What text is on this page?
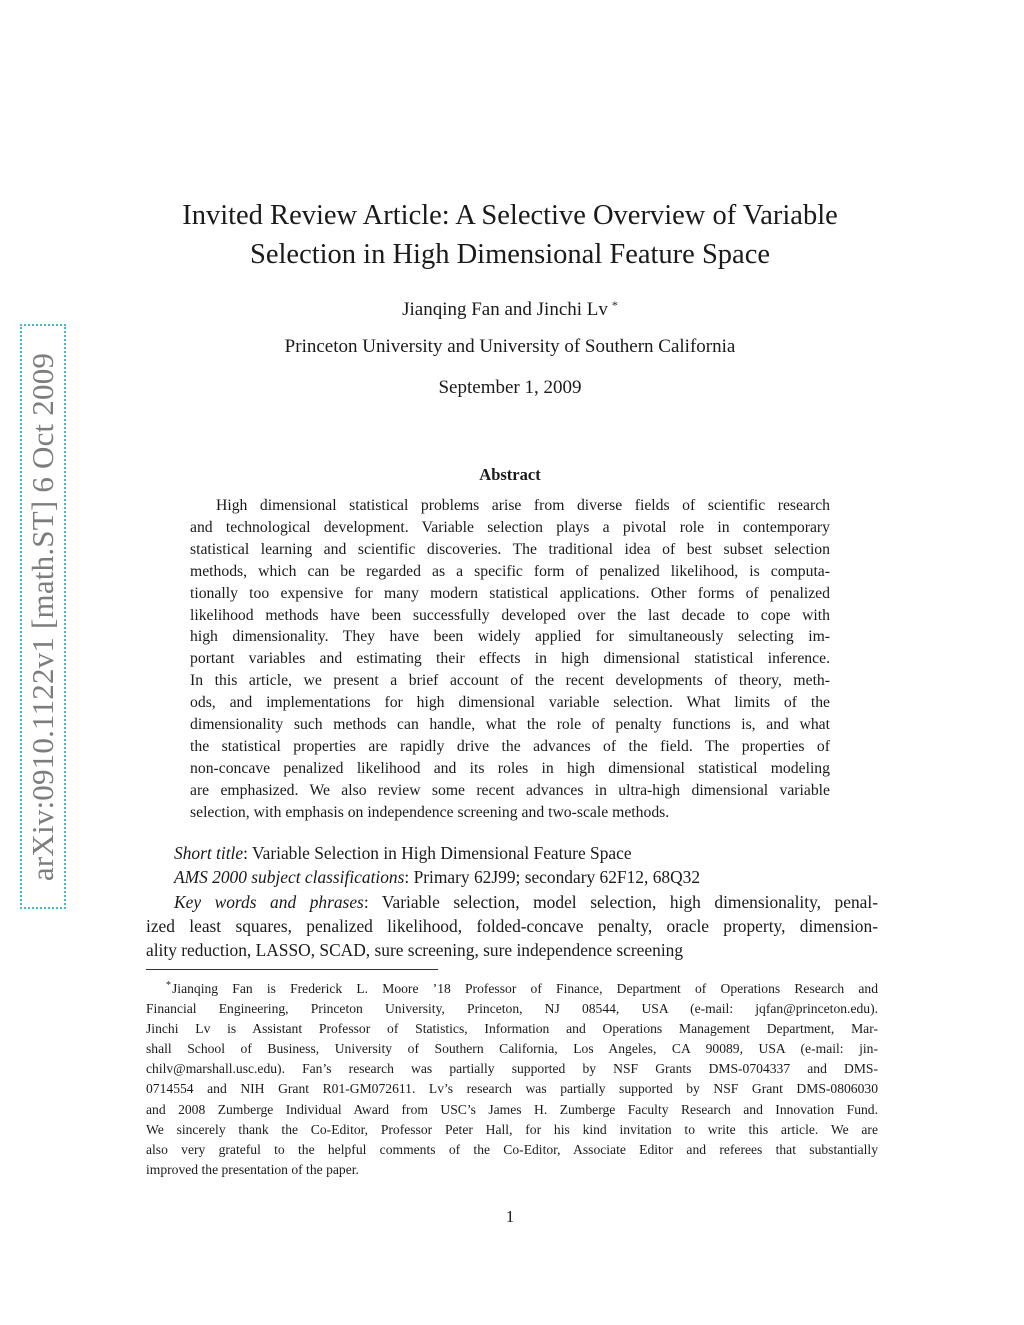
arXiv:0910.1122v1 [math.ST] 6 Oct 2009
Invited Review Article: A Selective Overview of Variable
Selection in High Dimensional Feature Space
Jianqing Fan and Jinchi Lv *
Princeton University and University of Southern California
September 1, 2009
Abstract
High dimensional statistical problems arise from diverse fields of scientific research
and technological development. Variable selection plays a pivotal role in contemporary
statistical learning and scientific discoveries. The traditional idea of best subset selection
methods, which can be regarded as a specific form of penalized likelihood, is computa-
tionally too expensive for many modern statistical applications. Other forms of penalized
likelihood methods have been successfully developed over the last decade to cope with
high dimensionality. They have been widely applied for simultaneously selecting im-
portant variables and estimating their effects in high dimensional statistical inference.
In this article, we present a brief account of the recent developments of theory, meth-
ods, and implementations for high dimensional variable selection. What limits of the
dimensionality such methods can handle, what the role of penalty functions is, and what
the statistical properties are rapidly drive the advances of the field. The properties of
non-concave penalized likelihood and its roles in high dimensional statistical modeling
are emphasized. We also review some recent advances in ultra-high dimensional variable
selection, with emphasis on independence screening and two-scale methods.
Short title: Variable Selection in High Dimensional Feature Space
AMS 2000 subject classifications: Primary 62J99; secondary 62F12, 68Q32
Key words and phrases: Variable selection, model selection, high dimensionality, penal-
ized least squares, penalized likelihood, folded-concave penalty, oracle property, dimension-
ality reduction, LASSO, SCAD, sure screening, sure independence screening
*Jianqing Fan is Frederick L. Moore ’18 Professor of Finance, Department of Operations Research and
Financial Engineering, Princeton University, Princeton, NJ 08544, USA (e-mail: jqfan@princeton.edu).
Jinchi Lv is Assistant Professor of Statistics, Information and Operations Management Department, Mar-
shall School of Business, University of Southern California, Los Angeles, CA 90089, USA (e-mail: jin-
chilv@marshall.usc.edu). Fan’s research was partially supported by NSF Grants DMS-0704337 and DMS-
0714554 and NIH Grant R01-GM072611. Lv’s research was partially supported by NSF Grant DMS-0806030
and 2008 Zumberge Individual Award from USC’s James H. Zumberge Faculty Research and Innovation Fund.
We sincerely thank the Co-Editor, Professor Peter Hall, for his kind invitation to write this article. We are
also very grateful to the helpful comments of the Co-Editor, Associate Editor and referees that substantially
improved the presentation of the paper.
1
